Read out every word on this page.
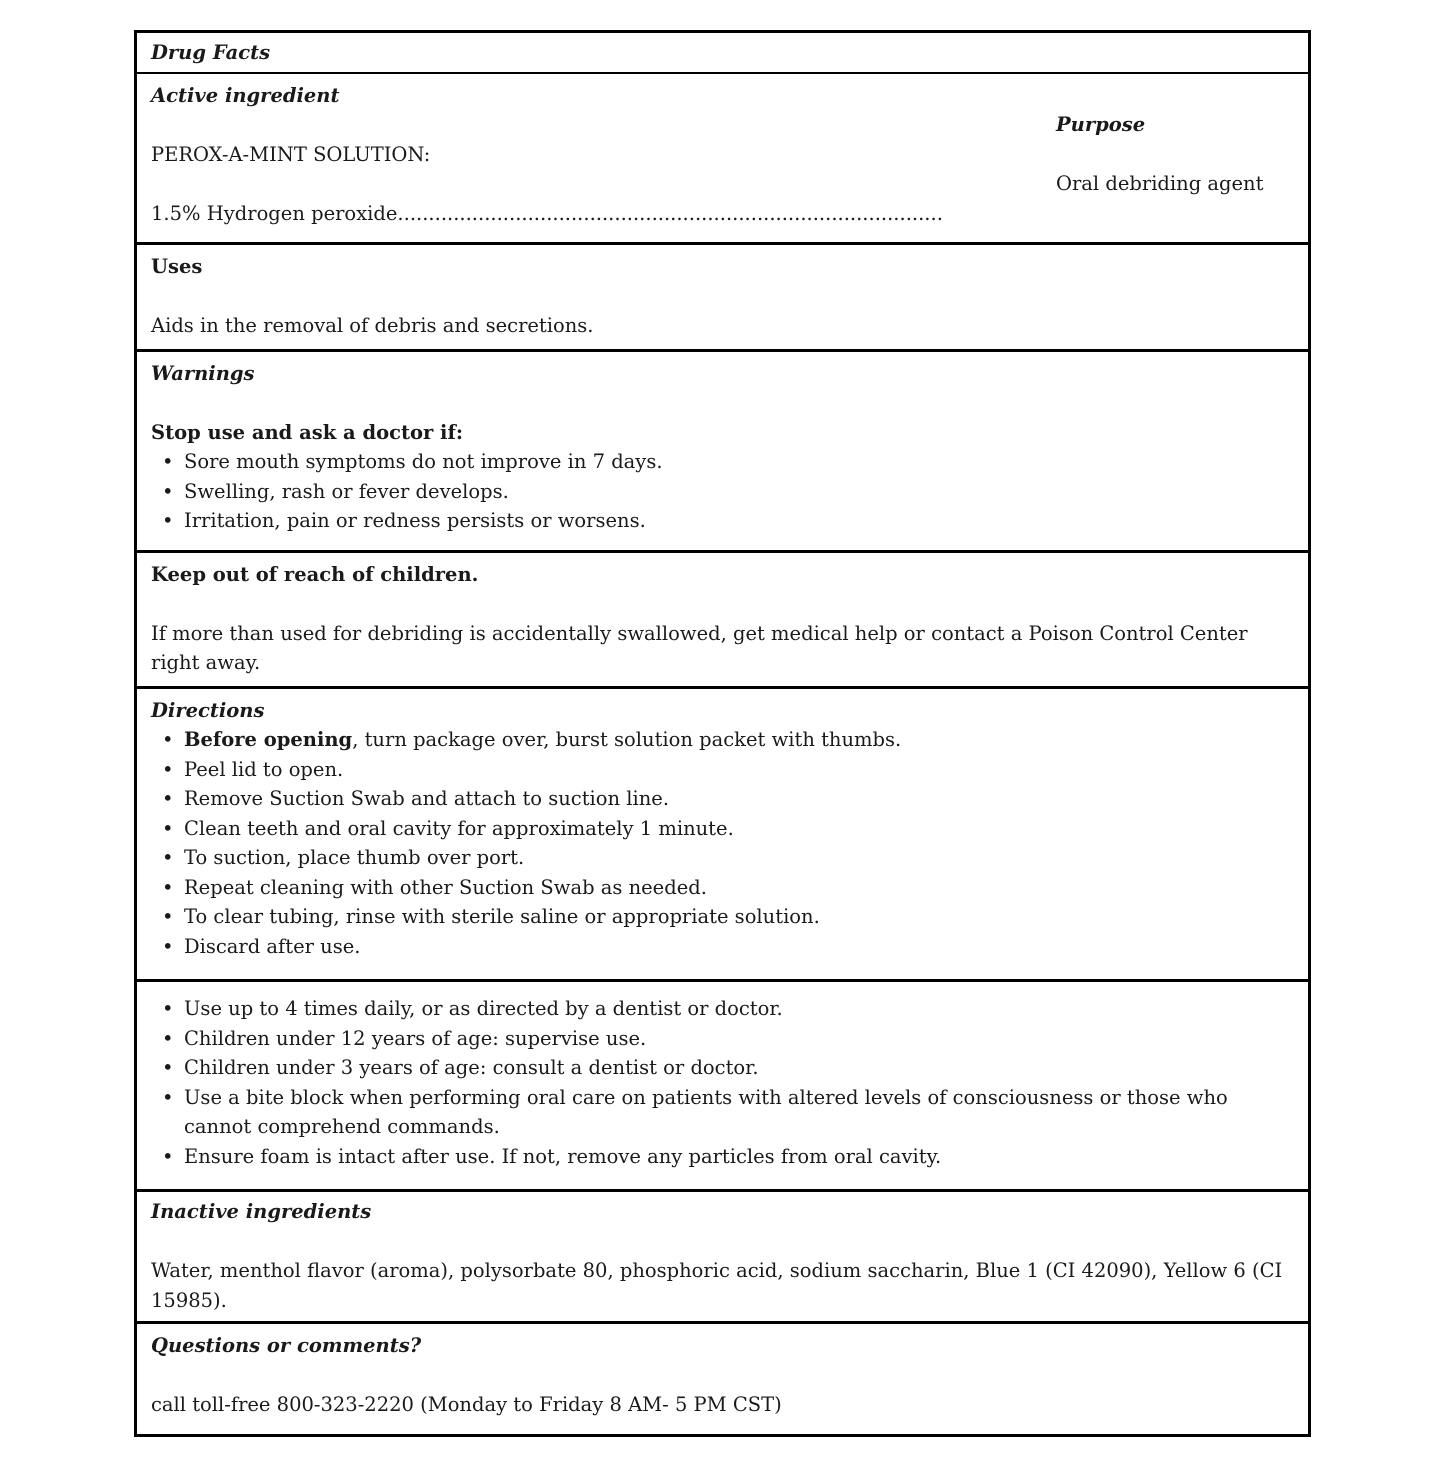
Drug Facts
Active ingredient
Purpose
PEROX-A-MINT SOLUTION:
Oral debriding agent
1.5% Hydrogen peroxide........................................................................................
Uses

Aids in the removal of debris and secretions.

Warnings
Stop use and ask a doctor if:
• Sore mouth symptoms do not improve in 7 days.
• Swelling, rash or fever develops.
• Irritation, pain or redness persists or worsens.
Keep out of reach of children.

If more than used for debriding is accidentally swallowed, get medical help or contact a Poison Control Center right away.

Directions
• Before opening, turn package over, burst solution packet with thumbs.
• Peel lid to open.
• Remove Suction Swab and attach to suction line.
• Clean teeth and oral cavity for approximately 1 minute.
• To suction, place thumb over port.
• Repeat cleaning with other Suction Swab as needed.
• To clear tubing, rinse with sterile saline or appropriate solution.
• Discard after use.
• Use up to 4 times daily, or as directed by a dentist or doctor.
• Children under 12 years of age: supervise use.
• Children under 3 years of age: consult a dentist or doctor.
• Use a bite block when performing oral care on patients with altered levels of consciousness or those who cannot comprehend commands.
• Ensure foam is intact after use. If not, remove any particles from oral cavity.
Inactive ingredients

Water, menthol flavor (aroma), polysorbate 80, phosphoric acid, sodium saccharin, Blue 1 (CI 42090), Yellow 6 (CI 15985).

Questions or comments?

call toll-free 800-323-2220 (Monday to Friday 8 AM- 5 PM CST)
